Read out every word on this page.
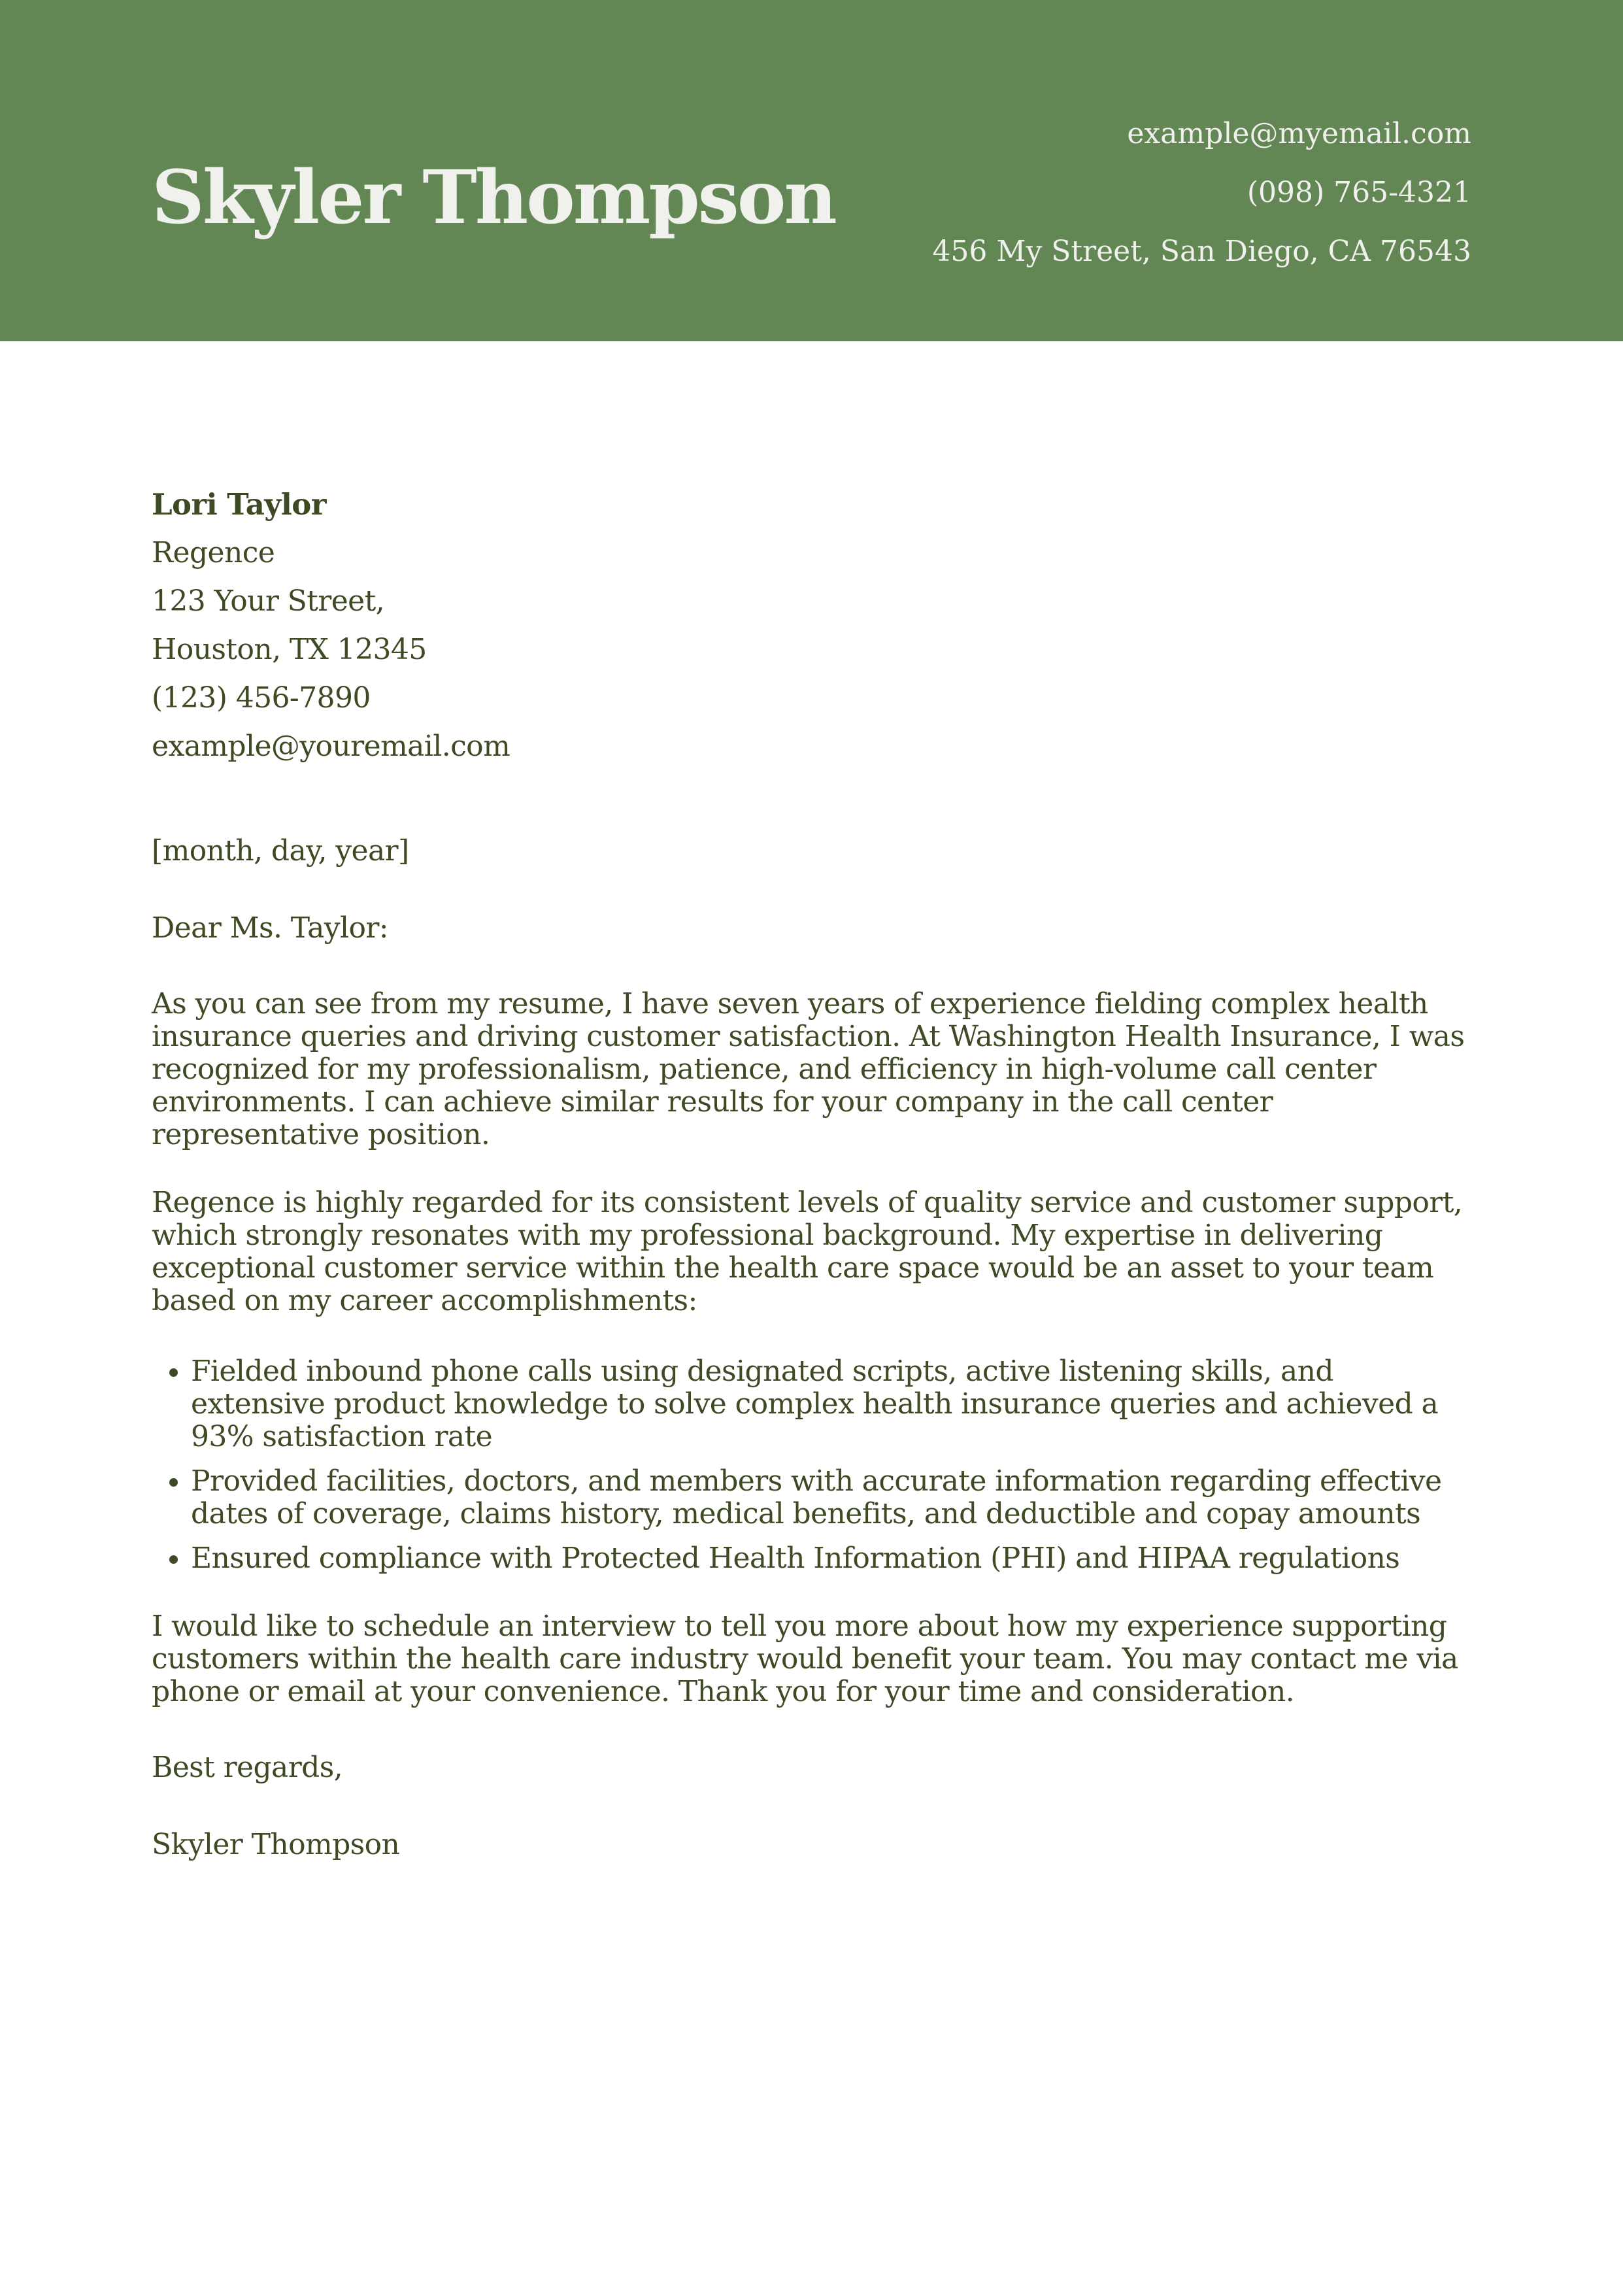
Skyler Thompson
example@myemail.com
(098) 765-4321
456 My Street, San Diego, CA 76543
Lori Taylor
Regence
123 Your Street,
Houston, TX 12345
(123) 456-7890
example@youremail.com
[month, day, year]
Dear Ms. Taylor:

As you can see from my resume, I have seven years of experience fielding complex health insurance queries and driving customer satisfaction. At Washington Health Insurance, I was recognized for my professionalism, patience, and efficiency in high-volume call center environments. I can achieve similar results for your company in the call center representative position.

Regence is highly regarded for its consistent levels of quality service and customer support, which strongly resonates with my professional background. My expertise in delivering exceptional customer service within the health care space would be an asset to your team based on my career accomplishments:

• Fielded inbound phone calls using designated scripts, active listening skills, and extensive product knowledge to solve complex health insurance queries and achieved a 93% satisfaction rate
• Provided facilities, doctors, and members with accurate information regarding effective dates of coverage, claims history, medical benefits, and deductible and copay amounts
• Ensured compliance with Protected Health Information (PHI) and HIPAA regulations

I would like to schedule an interview to tell you more about how my experience supporting customers within the health care industry would benefit your team. You may contact me via phone or email at your convenience. Thank you for your time and consideration.

Best regards,
Skyler Thompson
